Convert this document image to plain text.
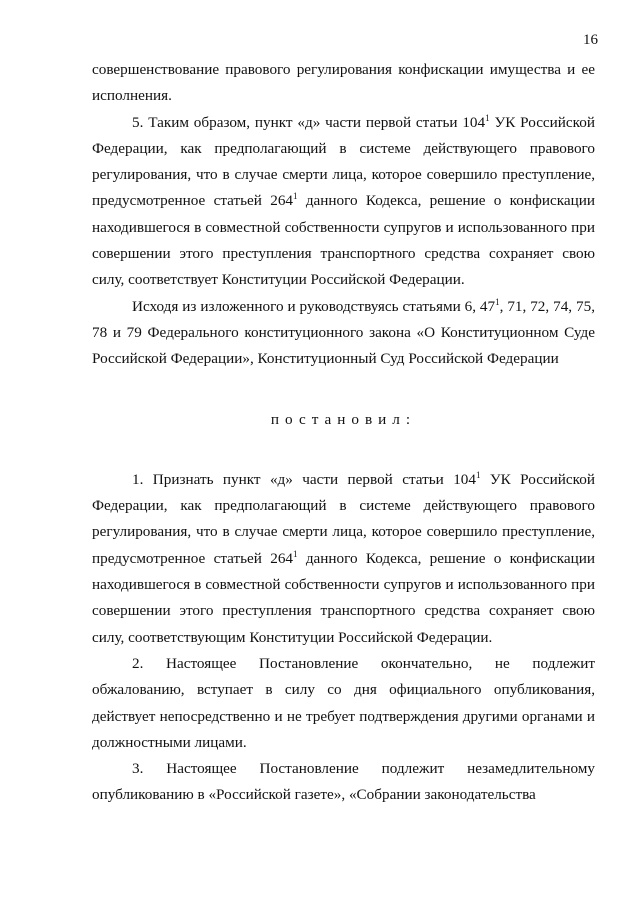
16

совершенствование правового регулирования конфискации имущества и ее исполнения.

5. Таким образом, пункт «д» части первой статьи $104^1$ УК Российской Федерации, как предполагающий в системе действующего правового регулирования, что в случае смерти лица, которое совершило преступление, предусмотренное статьей $264^1$ данного Кодекса, решение о конфискации находившегося в совместной собственности супругов и использованного при совершении этого преступления транспортного средства сохраняет свою силу, соответствует Конституции Российской Федерации.

Исходя из изложенного и руководствуясь статьями 6, $47^1$, 71, 72, 74, 75, 78 и 79 Федерального конституционного закона «О Конституционном Суде Российской Федерации», Конституционный Суд Российской Федерации

постановил:

1. Признать пункт «д» части первой статьи $104^1$ УК Российской Федерации, как предполагающий в системе действующего правового регулирования, что в случае смерти лица, которое совершило преступление, предусмотренное статьей $264^1$ данного Кодекса, решение о конфискации находившегося в совместной собственности супругов и использованного при совершении этого преступления транспортного средства сохраняет свою силу, соответствующим Конституции Российской Федерации.

2. Настоящее Постановление окончательно, не подлежит обжалованию, вступает в силу со дня официального опубликования, действует непосредственно и не требует подтверждения другими органами и должностными лицами.

3. Настоящее Постановление подлежит незамедлительному опубликованию в «Российской газете», «Собрании законодательства
